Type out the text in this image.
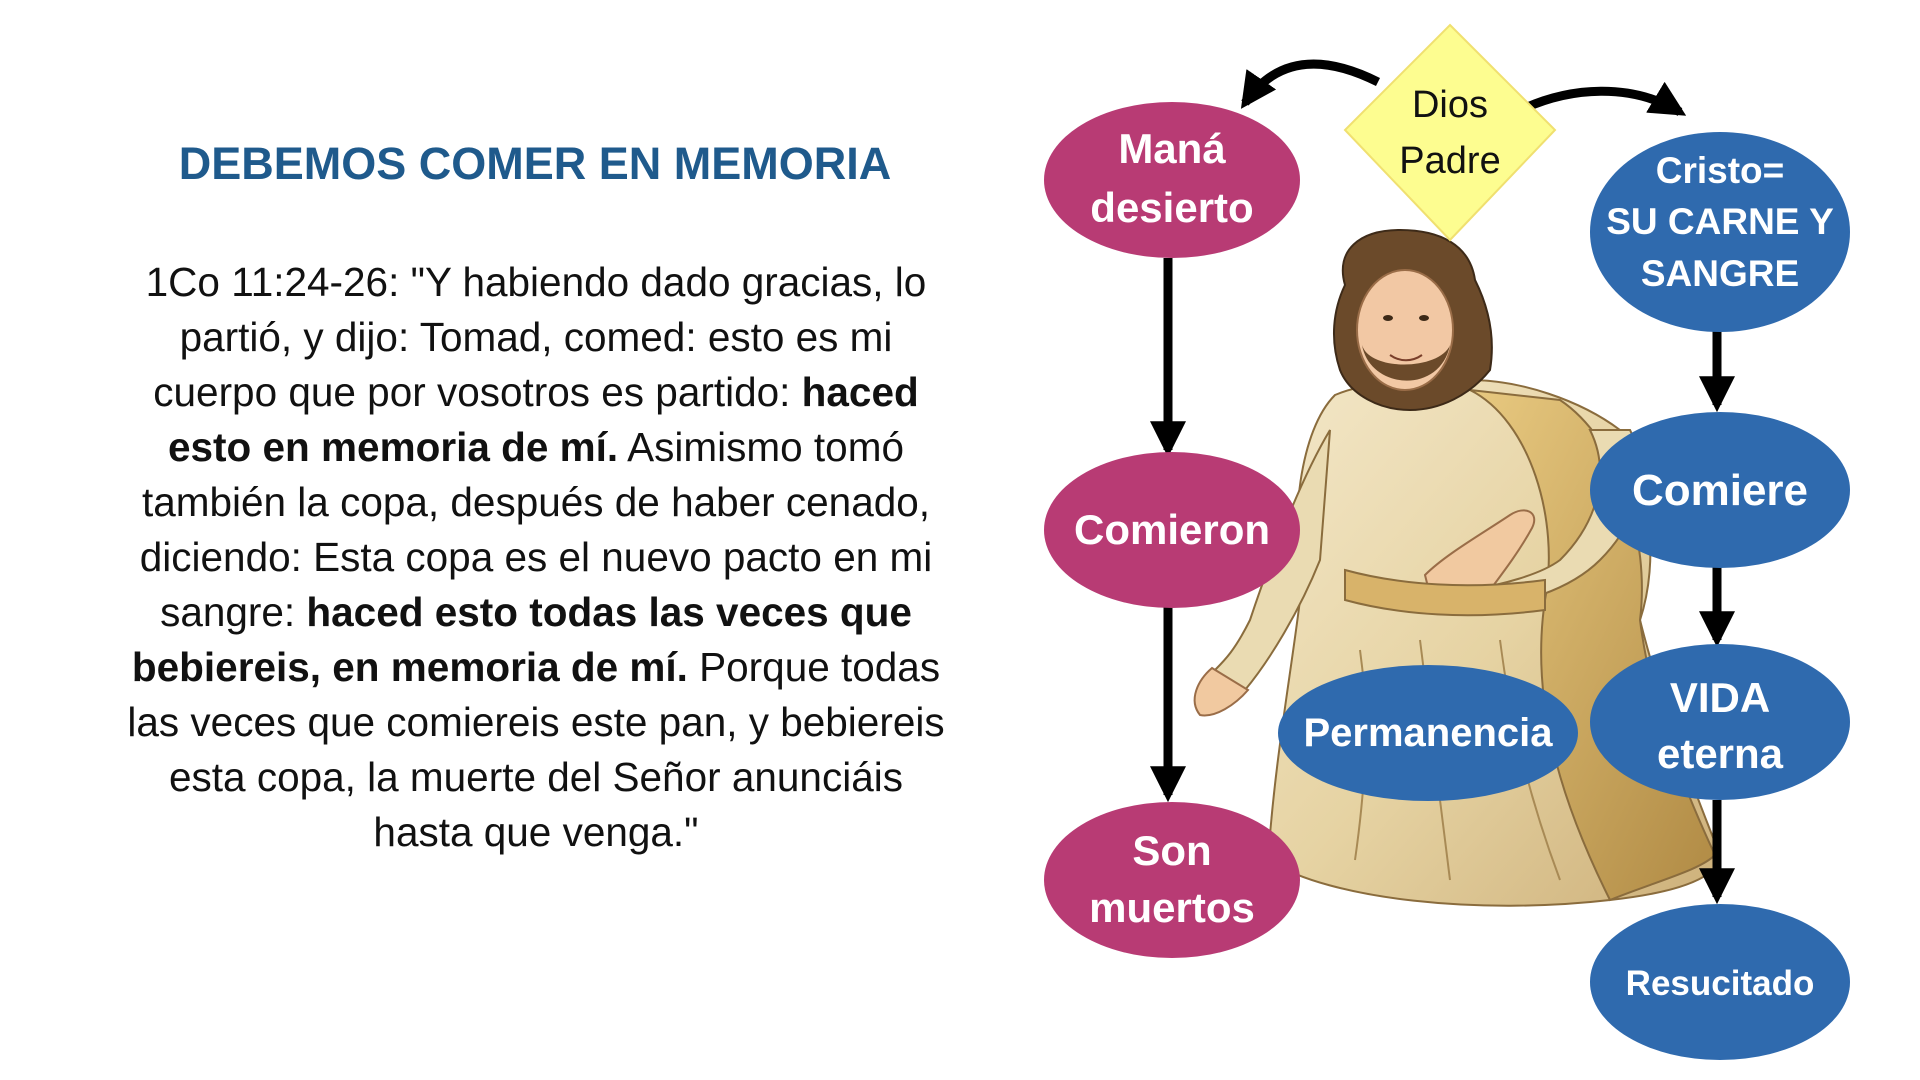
DEBEMOS COMER EN MEMORIA
1Co 11:24-26: "Y habiendo dado gracias, lo partió, y dijo: Tomad, comed: esto es mi cuerpo que por vosotros es partido: haced esto en memoria de mí. Asimismo tomó también la copa, después de haber cenado, diciendo: Esta copa es el nuevo pacto en mi sangre: haced esto todas las veces que bebiereis, en memoria de mí. Porque todas las veces que comiereis este pan, y bebiereis esta copa, la muerte del Señor anunciáis hasta que venga."
Dios
Padre
Maná
desierto
Comieron
Son
muertos
Cristo=
SU CARNE Y
SANGRE
Comiere
VIDA
eterna
Resucitado
Permanencia
